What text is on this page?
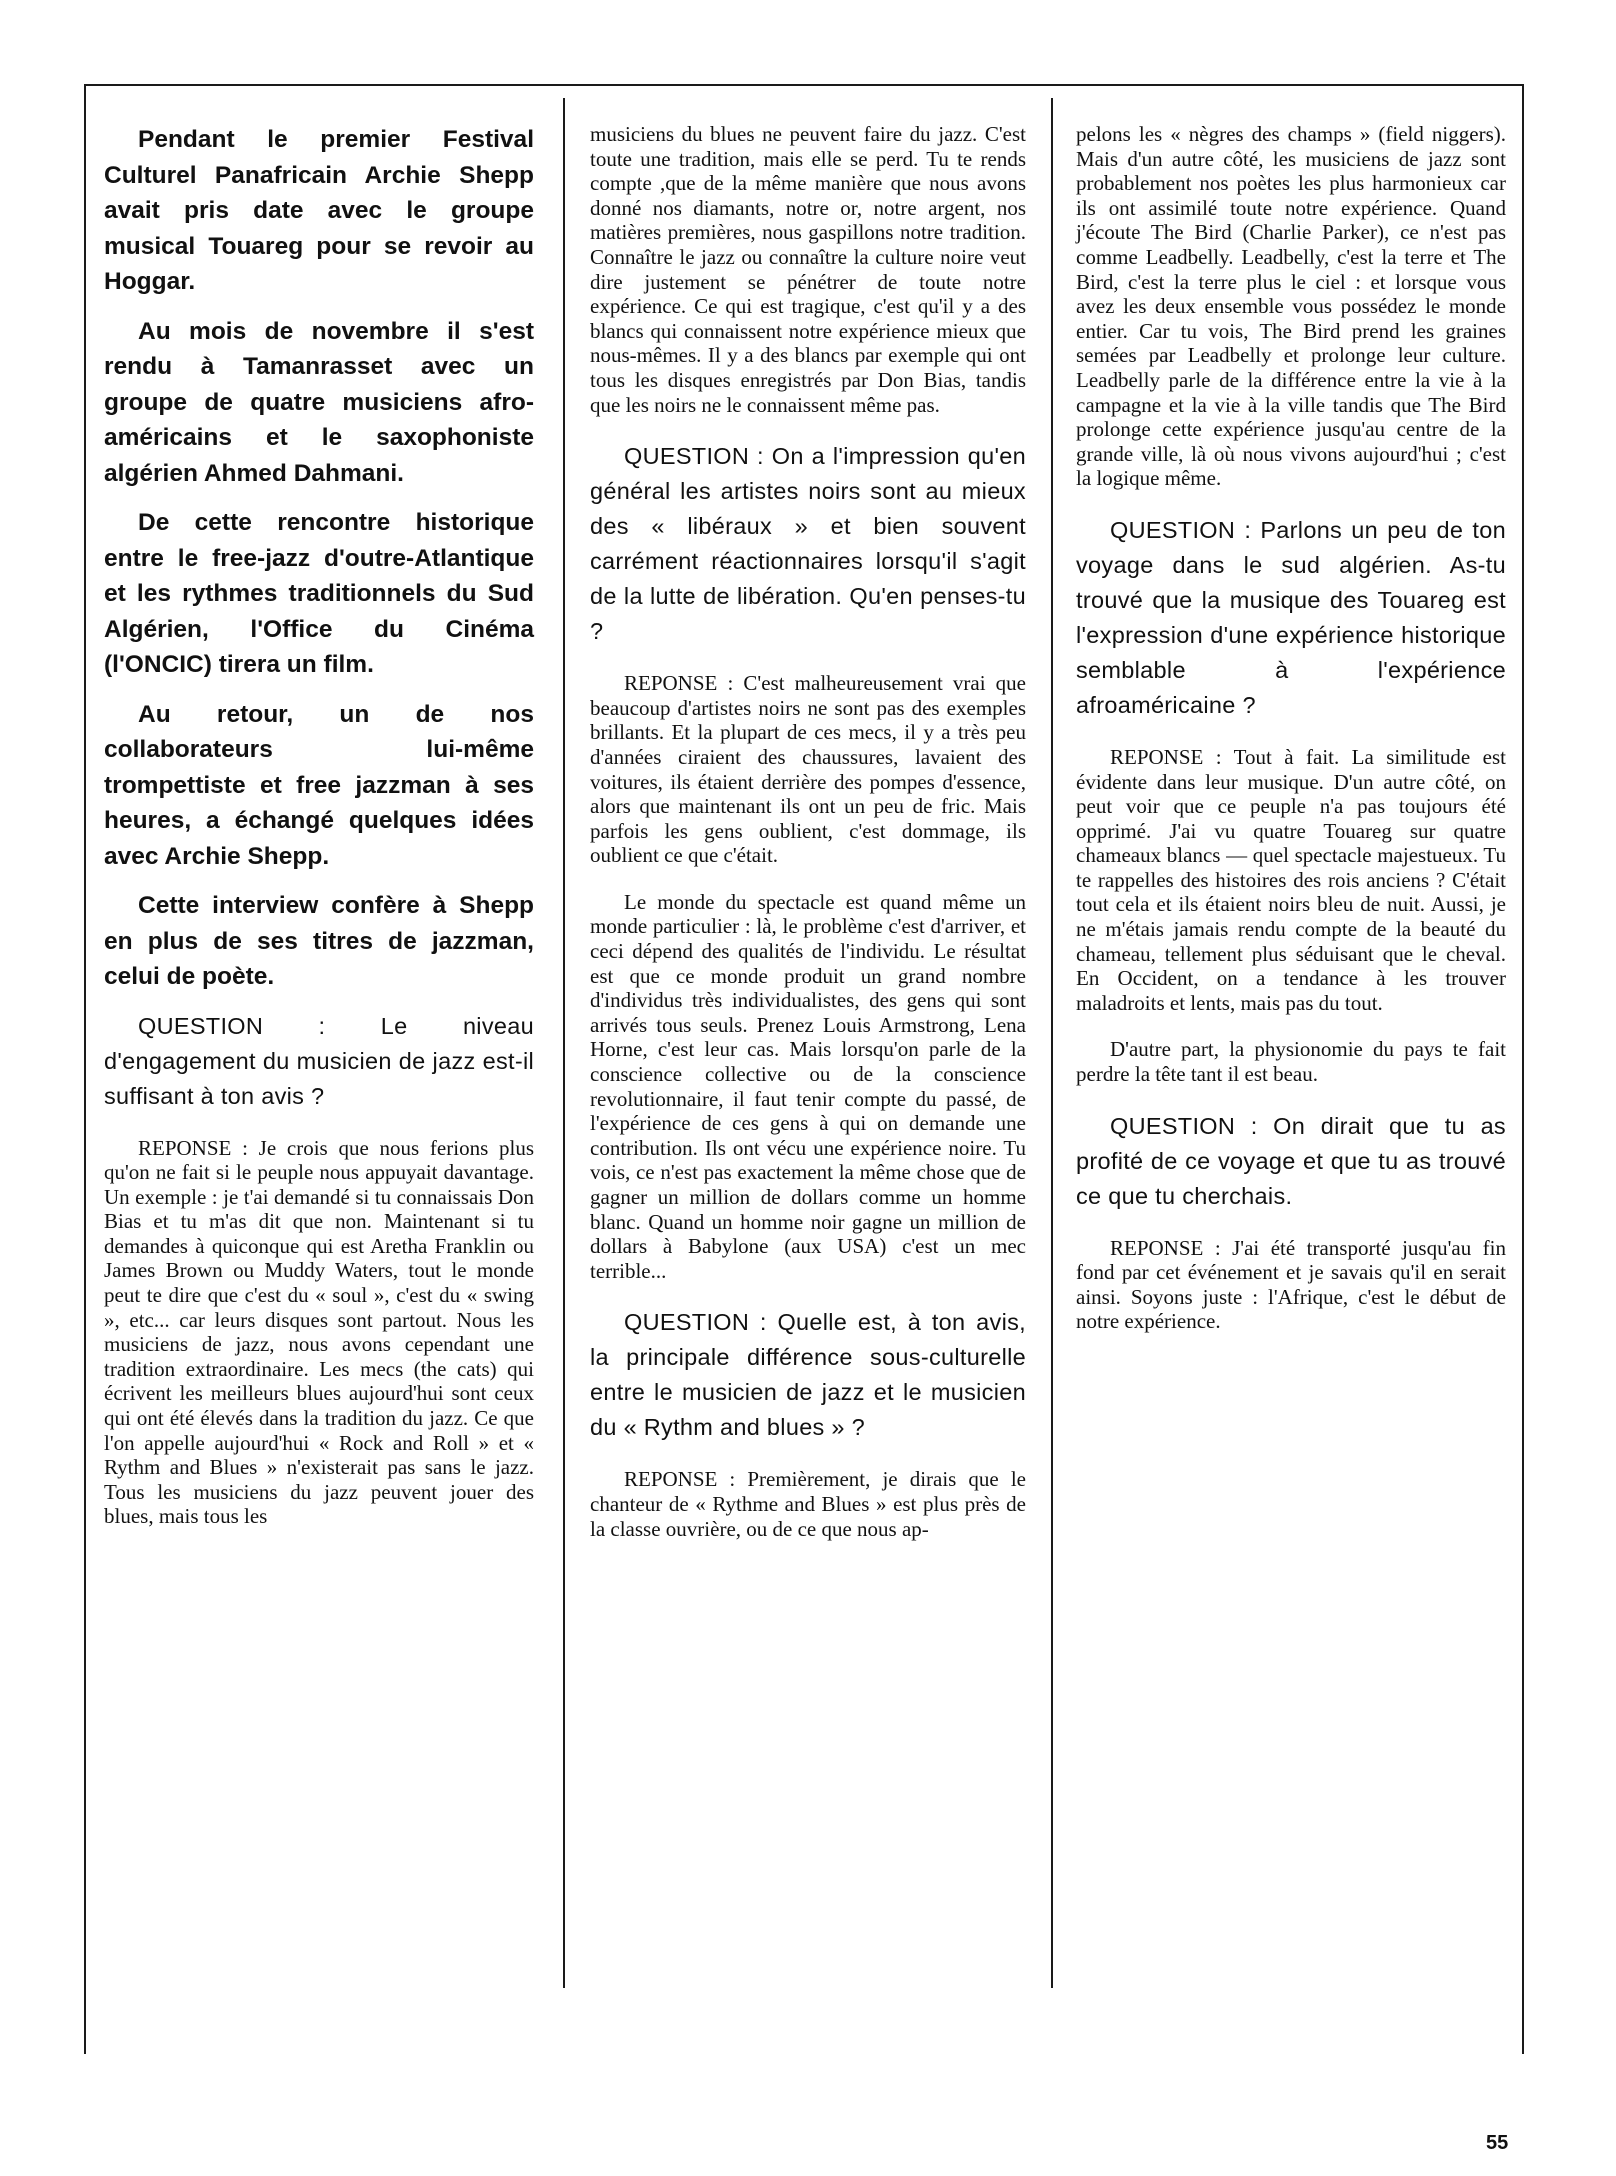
Pendant le premier Festival Culturel Panafricain Archie Shepp avait pris date avec le groupe musical Touareg pour se revoir au Hoggar.

Au mois de novembre il s'est rendu à Tamanrasset avec un groupe de quatre musiciens afro-américains et le saxophoniste algérien Ahmed Dahmani.

De cette rencontre historique entre le free-jazz d'outre-Atlantique et les rythmes traditionnels du Sud Algérien, l'Office du Cinéma (l'ONCIC) tirera un film.

Au retour, un de nos collaborateurs lui-même trompettiste et free jazzman à ses heures, a échangé quelques idées avec Archie Shepp.

Cette interview confère à Shepp en plus de ses titres de jazzman, celui de poète.

QUESTION : Le niveau d'engagement du musicien de jazz est-il suffisant à ton avis ?

REPONSE : Je crois que nous ferions plus qu'on ne fait si le peuple nous appuyait davantage. Un exemple : je t'ai demandé si tu connaissais Don Bias et tu m'as dit que non. Maintenant si tu demandes à quiconque qui est Aretha Franklin ou James Brown ou Muddy Waters, tout le monde peut te dire que c'est du « soul », c'est du « swing », etc... car leurs disques sont partout. Nous les musiciens de jazz, nous avons cependant une tradition extraordinaire. Les mecs (the cats) qui écrivent les meilleurs blues aujourd'hui sont ceux qui ont été élevés dans la tradition du jazz. Ce que l'on appelle aujourd'hui « Rock and Roll » et « Rythm and Blues » n'existerait pas sans le jazz. Tous les musiciens du jazz peuvent jouer des blues, mais tous les

musiciens du blues ne peuvent faire du jazz. C'est toute une tradition, mais elle se perd. Tu te rends compte ,que de la même manière que nous avons donné nos diamants, notre or, notre argent, nos matières premières, nous gaspillons notre tradition. Connaître le jazz ou connaître la culture noire veut dire justement se pénétrer de toute notre expérience. Ce qui est tragique, c'est qu'il y a des blancs qui connaissent notre expérience mieux que nous-mêmes. Il y a des blancs par exemple qui ont tous les disques enregistrés par Don Bias, tandis que les noirs ne le connaissent même pas.

QUESTION : On a l'impression qu'en général les artistes noirs sont au mieux des « libéraux » et bien souvent carrément réactionnaires lorsqu'il s'agit de la lutte de libération. Qu'en penses-tu ?

REPONSE : C'est malheureusement vrai que beaucoup d'artistes noirs ne sont pas des exemples brillants. Et la plupart de ces mecs, il y a très peu d'années ciraient des chaussures, lavaient des voitures, ils étaient derrière des pompes d'essence, alors que maintenant ils ont un peu de fric. Mais parfois les gens oublient, c'est dommage, ils oublient ce que c'était.

Le monde du spectacle est quand même un monde particulier : là, le problème c'est d'arriver, et ceci dépend des qualités de l'individu. Le résultat est que ce monde produit un grand nombre d'individus très individualistes, des gens qui sont arrivés tous seuls. Prenez Louis Armstrong, Lena Horne, c'est leur cas. Mais lorsqu'on parle de la conscience collective ou de la conscience revolutionnaire, il faut tenir compte du passé, de l'expérience de ces gens à qui on demande une contribution. Ils ont vécu une expérience noire. Tu vois, ce n'est pas exactement la même chose que de gagner un million de dollars comme un homme blanc. Quand un homme noir gagne un million de dollars à Babylone (aux USA) c'est un mec terrible...

QUESTION : Quelle est, à ton avis, la principale différence sous-culturelle entre le musicien de jazz et le musicien du « Rythm and blues » ?

REPONSE : Premièrement, je dirais que le chanteur de « Rythme and Blues » est plus près de la classe ouvrière, ou de ce que nous ap-

pelons les « nègres des champs » (field niggers). Mais d'un autre côté, les musiciens de jazz sont probablement nos poètes les plus harmonieux car ils ont assimilé toute notre expérience. Quand j'écoute The Bird (Charlie Parker), ce n'est pas comme Leadbelly. Leadbelly, c'est la terre et The Bird, c'est la terre plus le ciel : et lorsque vous avez les deux ensemble vous possédez le monde entier. Car tu vois, The Bird prend les graines semées par Leadbelly et prolonge leur culture. Leadbelly parle de la différence entre la vie à la campagne et la vie à la ville tandis que The Bird prolonge cette expérience jusqu'au centre de la grande ville, là où nous vivons aujourd'hui ; c'est la logique même.

QUESTION : Parlons un peu de ton voyage dans le sud algérien. As-tu trouvé que la musique des Touareg est l'expression d'une expérience historique semblable à l'expérience afroaméricaine ?

REPONSE : Tout à fait. La similitude est évidente dans leur musique. D'un autre côté, on peut voir que ce peuple n'a pas toujours été opprimé. J'ai vu quatre Touareg sur quatre chameaux blancs — quel spectacle majestueux. Tu te rappelles des histoires des rois anciens ? C'était tout cela et ils étaient noirs bleu de nuit. Aussi, je ne m'étais jamais rendu compte de la beauté du chameau, tellement plus séduisant que le cheval. En Occident, on a tendance à les trouver maladroits et lents, mais pas du tout.

D'autre part, la physionomie du pays te fait perdre la tête tant il est beau.

QUESTION : On dirait que tu as profité de ce voyage et que tu as trouvé ce que tu cherchais.

REPONSE : J'ai été transporté jusqu'au fin fond par cet événement et je savais qu'il en serait ainsi. Soyons juste : l'Afrique, c'est le début de notre expérience.

55
